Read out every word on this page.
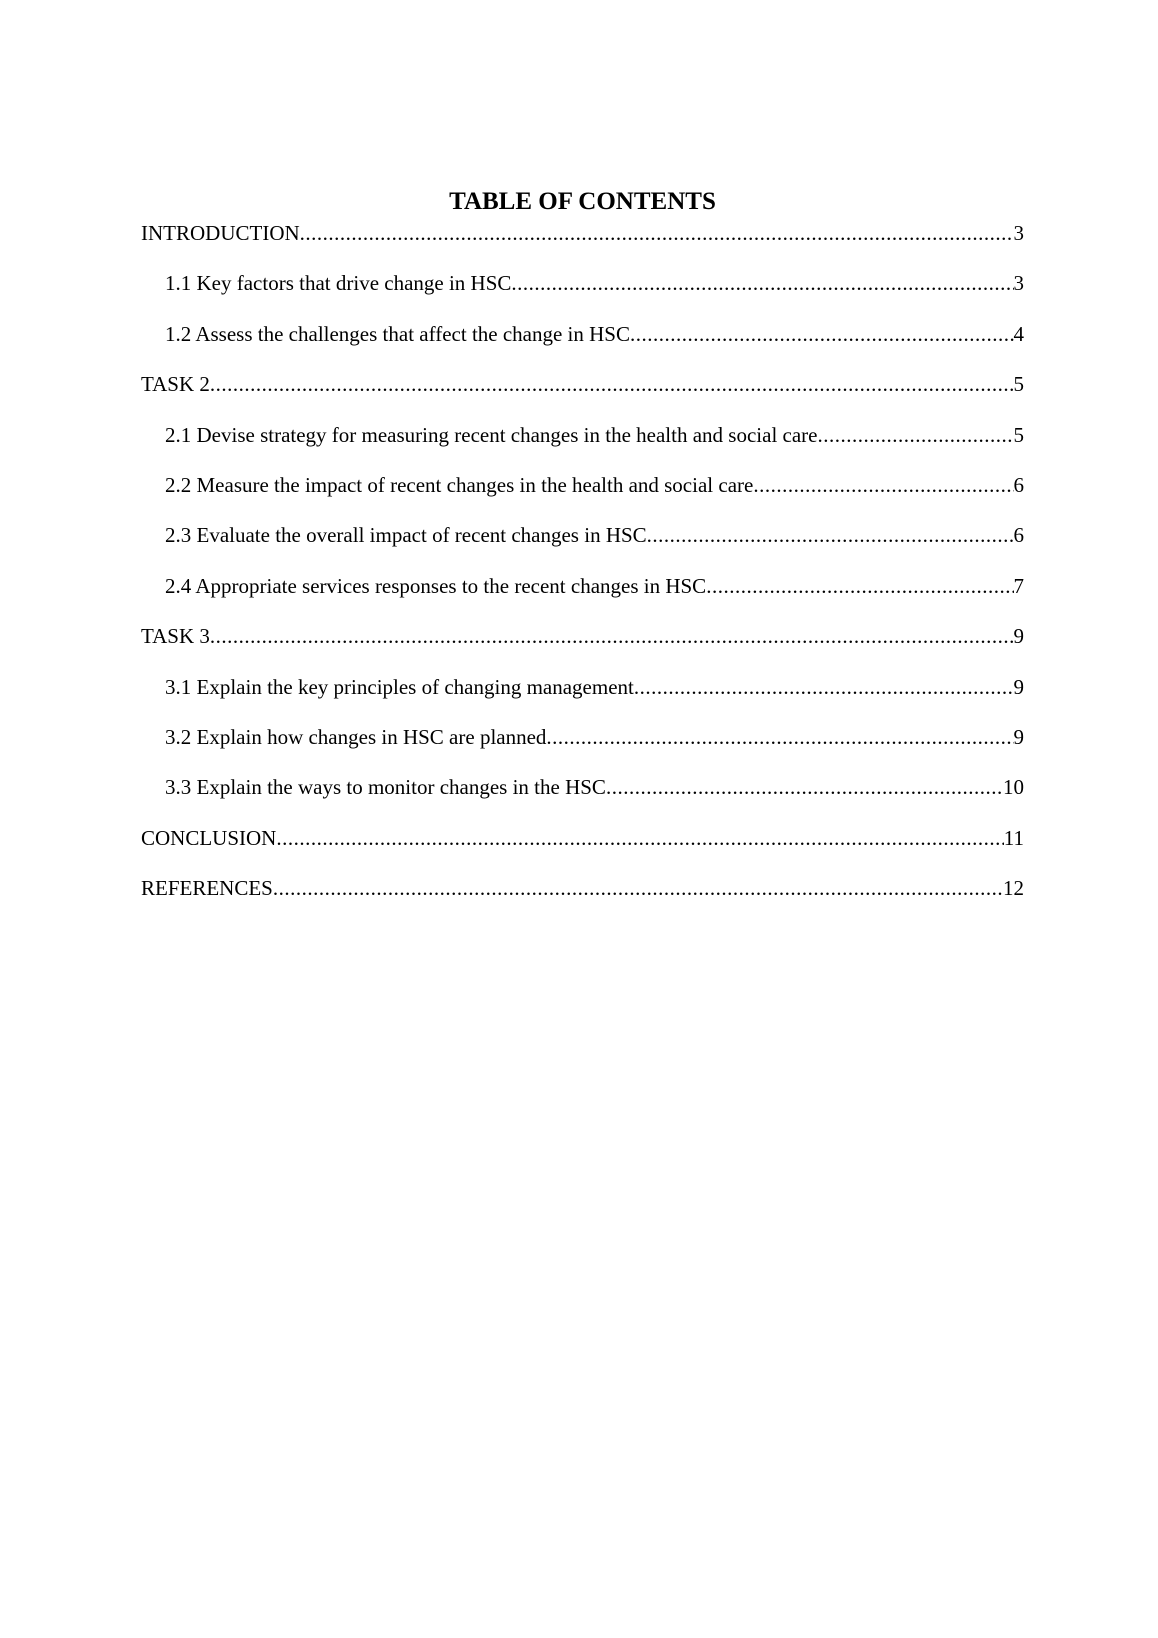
TABLE OF CONTENTS
INTRODUCTION .....	3
1.1 Key factors that drive change in HSC .....	3
1.2 Assess the challenges that affect the change in HSC .....	4
TASK 2 .....	5
2.1 Devise strategy for measuring recent changes in the health and social care .....	5
2.2 Measure the impact of recent changes in the health and social care .....	6
2.3 Evaluate the overall impact of recent changes in HSC .....	6
2.4 Appropriate services responses to the recent changes in HSC .....	7
TASK 3 .....	9
3.1 Explain the key principles of changing management .....	9
3.2 Explain how changes in HSC are planned .....	9
3.3 Explain the ways to monitor changes in the HSC .....	10
CONCLUSION .....	11
REFERENCES .....	12
